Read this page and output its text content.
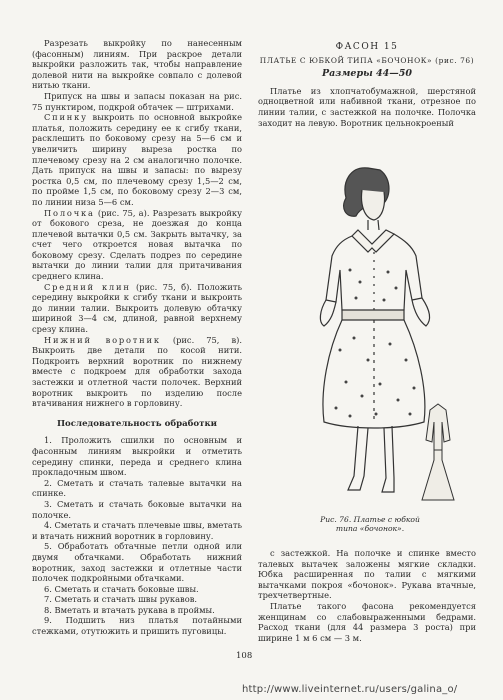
Разрезать выкройку по нанесенным (фасонным) линиям. При раскрое детали выкройки разложить так, чтобы направление долевой нити на выкройке совпало с долевой нитью ткани.

Припуск на швы и запасы показан на рис. 75 пунктиром, подкрой обтачек — штрихами.

Спинку выкроить по основной выкройке платья, положить середину ее к сгибу ткани, расклешить по боковому срезу на 5—6 см и увеличить ширину выреза ростка по плечевому срезу на 2 см аналогично полочке. Дать припуск на швы и запасы: по вырезу ростка 0,5 см, по плечевому срезу 1,5—2 см, по пройме 1,5 см, по боковому срезу 2—3 см, по линии низа 5—6 см.

Полочка (рис. 75, а). Разрезать выкройку от бокового среза, не доезжая до конца плечевой вытачки 0,5 см. Закрыть вытачку, за счет чего откроется новая вытачка по боковому срезу. Сделать подрез по середине вытачки до линии талии для притачивания среднего клина.

Средний клин (рис. 75, б). Положить середину выкройки к сгибу ткани и выкроить до линии талии. Выкроить долевую обтачку шириной 3—4 см, длиной, равной верхнему срезу клина.

Нижний воротник (рис. 75, в). Выкроить две детали по косой нити. Подкроить верхний воротник по нижнему вместе с подкроем для обработки захода застежки и отлетной части полочек. Верхний воротник выкроить по изделию после втачивания нижнего в горловину.

Последовательность обработки
1. Проложить сшилки по основным и фасонным линиям выкройки и отметить середину спинки, переда и среднего клина прокладочным швом.
2. Сметать и стачать талевые вытачки на спинке.
3. Сметать и стачать боковые вытачки на полочке.
4. Сметать и стачать плечевые швы, вметать и втачать нижний воротник в горловину.
5. Обработать обтачные петли одной или двумя обтачками. Обработать нижний воротник, заход застежки и отлетные части полочек подкройными обтачками.
6. Сметать и стачать боковые швы.
7. Сметать и стачать швы рукавов.
8. Вметать и втачать рукава в проймы.
9. Подшить низ платья потайными стежками, отутюжить и пришить пуговицы.
ФАСОН 15
ПЛАТЬЕ С ЮБКОЙ ТИПА «БОЧОНОК» (рис. 76)
Размеры 44—50

Платье из хлопчатобумажной, шерстяной одноцветной или набивной ткани, отрезное по линии талии, с застежкой на полочке. Полочка заходит на левую. Воротник цельнокроеный

Рис. 76. Платье с юбкой
типа «бочонок».

с застежкой. На полочке и спинке вместо талевых вытачек заложены мягкие складки. Юбка расширенная по талии с мягкими вытачками покроя «бочонок». Рукава втачные, трехчетвертные.

Платье такого фасона рекомендуется женщинам со слабовыраженными бедрами. Расход ткани (для 44 размера 3 роста) при ширине 1 м 6 см — 3 м.

108
http://www.liveinternet.ru/users/galina_o/
